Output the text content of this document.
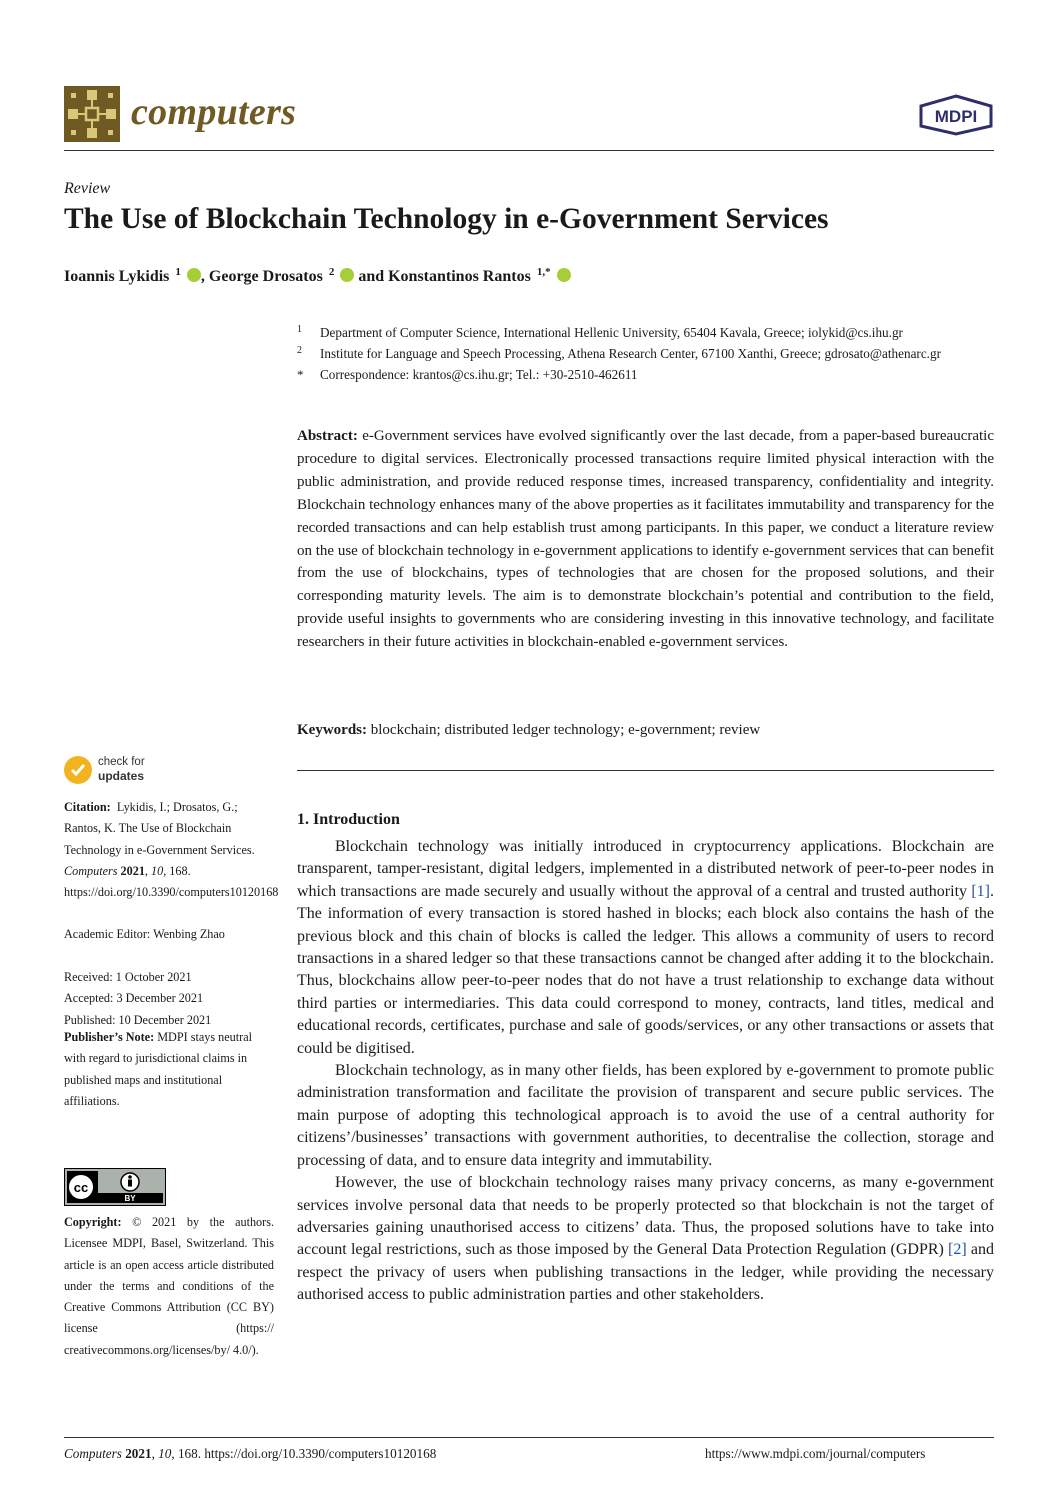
computers	MDPI
Review
The Use of Blockchain Technology in e-Government Services
Ioannis Lykidis $^1$ , George Drosatos $^2$ and Konstantinos Rantos $^{1,*}$
1 Department of Computer Science, International Hellenic University, 65404 Kavala, Greece; iolykid@cs.ihu.gr
2 Institute for Language and Speech Processing, Athena Research Center, 67100 Xanthi, Greece; gdrosato@athenarc.gr
* Correspondence: krantos@cs.ihu.gr; Tel.: +30-2510-462611
Abstract: e-Government services have evolved significantly over the last decade, from a paper-based bureaucratic procedure to digital services. Electronically processed transactions require limited physical interaction with the public administration, and provide reduced response times, increased transparency, confidentiality and integrity. Blockchain technology enhances many of the above properties as it facilitates immutability and transparency for the recorded transactions and can help establish trust among participants. In this paper, we conduct a literature review on the use of blockchain technology in e-government applications to identify e-government services that can benefit from the use of blockchains, types of technologies that are chosen for the proposed solutions, and their corresponding maturity levels. The aim is to demonstrate blockchain’s potential and contribution to the field, provide useful insights to governments who are considering investing in this innovative technology, and facilitate researchers in their future activities in blockchain-enabled e-government services.
Keywords: blockchain; distributed ledger technology; e-government; review
check for
updates
Citation: Lykidis, I.; Drosatos, G.; Rantos, K. The Use of Blockchain Technology in e-Government Services. Computers 2021, 10, 168. https://doi.org/10.3390/computers10120168
Academic Editor: Wenbing Zhao
Received: 1 October 2021
Accepted: 3 December 2021
Published: 10 December 2021
Publisher’s Note: MDPI stays neutral with regard to jurisdictional claims in published maps and institutional affiliations.
cc
BY
Copyright: © 2021 by the authors. Licensee MDPI, Basel, Switzerland. This article is an open access article distributed under the terms and conditions of the Creative Commons Attribution (CC BY) license (https:// creativecommons.org/licenses/by/ 4.0/).
1. Introduction

Blockchain technology was initially introduced in cryptocurrency applications. Blockchain are transparent, tamper-resistant, digital ledgers, implemented in a distributed network of peer-to-peer nodes in which transactions are made securely and usually without the approval of a central and trusted authority [1]. The information of every transaction is stored hashed in blocks; each block also contains the hash of the previous block and this chain of blocks is called the ledger. This allows a community of users to record transactions in a shared ledger so that these transactions cannot be changed after adding it to the blockchain. Thus, blockchains allow peer-to-peer nodes that do not have a trust relationship to exchange data without third parties or intermediaries. This data could correspond to money, contracts, land titles, medical and educational records, certificates, purchase and sale of goods/services, or any other transactions or assets that could be digitised.

Blockchain technology, as in many other fields, has been explored by e-government to promote public administration transformation and facilitate the provision of transparent and secure public services. The main purpose of adopting this technological approach is to avoid the use of a central authority for citizens’/businesses’ transactions with government authorities, to decentralise the collection, storage and processing of data, and to ensure data integrity and immutability.

However, the use of blockchain technology raises many privacy concerns, as many e-government services involve personal data that needs to be properly protected so that blockchain is not the target of adversaries gaining unauthorised access to citizens’ data. Thus, the proposed solutions have to take into account legal restrictions, such as those imposed by the General Data Protection Regulation (GDPR) [2] and respect the privacy of users when publishing transactions in the ledger, while providing the necessary authorised access to public administration parties and other stakeholders.

Computers 2021, 10, 168. https://doi.org/10.3390/computers10120168	https://www.mdpi.com/journal/computers
